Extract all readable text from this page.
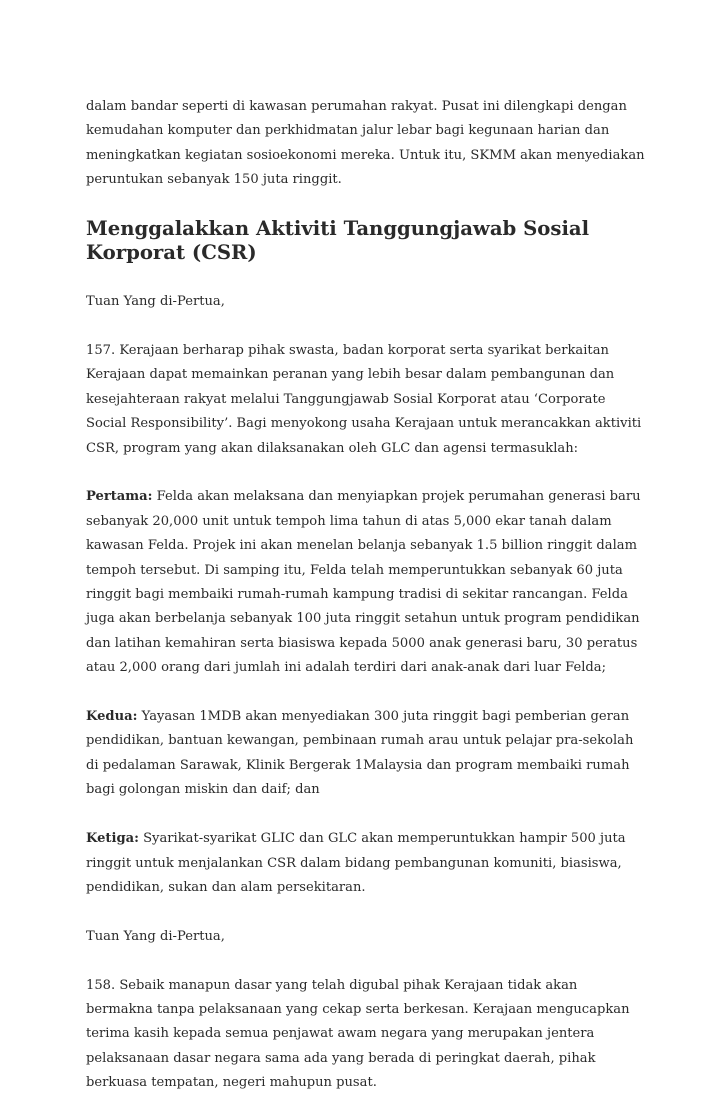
dalam bandar seperti di kawasan perumahan rakyat. Pusat ini dilengkapi dengan kemudahan komputer dan perkhidmatan jalur lebar bagi kegunaan harian dan meningkatkan kegiatan sosioekonomi mereka. Untuk itu, SKMM akan menyediakan peruntukan sebanyak 150 juta ringgit.

Menggalakkan Aktiviti Tanggungjawab Sosial Korporat (CSR)

Tuan Yang di-Pertua,

157. Kerajaan berharap pihak swasta, badan korporat serta syarikat berkaitan Kerajaan dapat memainkan peranan yang lebih besar dalam pembangunan dan kesejahteraan rakyat melalui Tanggungjawab Sosial Korporat atau ‘Corporate Social Responsibility’. Bagi menyokong usaha Kerajaan untuk merancakkan aktiviti CSR, program yang akan dilaksanakan oleh GLC dan agensi termasuklah:

Pertama: Felda akan melaksana dan menyiapkan projek perumahan generasi baru sebanyak 20,000 unit untuk tempoh lima tahun di atas 5,000 ekar tanah dalam kawasan Felda. Projek ini akan menelan belanja sebanyak 1.5 billion ringgit dalam tempoh tersebut. Di samping itu, Felda telah memperuntukkan sebanyak 60 juta ringgit bagi membaiki rumah-rumah kampung tradisi di sekitar rancangan. Felda juga akan berbelanja sebanyak 100 juta ringgit setahun untuk program pendidikan dan latihan kemahiran serta biasiswa kepada 5000 anak generasi baru, 30 peratus atau 2,000 orang dari jumlah ini adalah terdiri dari anak-anak dari luar Felda;

Kedua: Yayasan 1MDB akan menyediakan 300 juta ringgit bagi pemberian geran pendidikan, bantuan kewangan, pembinaan rumah arau untuk pelajar pra-sekolah di pedalaman Sarawak, Klinik Bergerak 1Malaysia dan program membaiki rumah bagi golongan miskin dan daif; dan

Ketiga: Syarikat-syarikat GLIC dan GLC akan memperuntukkan hampir 500 juta ringgit untuk menjalankan CSR dalam bidang pembangunan komuniti, biasiswa, pendidikan, sukan dan alam persekitaran.

Tuan Yang di-Pertua,

158. Sebaik manapun dasar yang telah digubal pihak Kerajaan tidak akan bermakna tanpa pelaksanaan yang cekap serta berkesan. Kerajaan mengucapkan terima kasih kepada semua penjawat awam negara yang merupakan jentera pelaksanaan dasar negara sama ada yang berada di peringkat daerah, pihak berkuasa tempatan, negeri mahupun pusat.
